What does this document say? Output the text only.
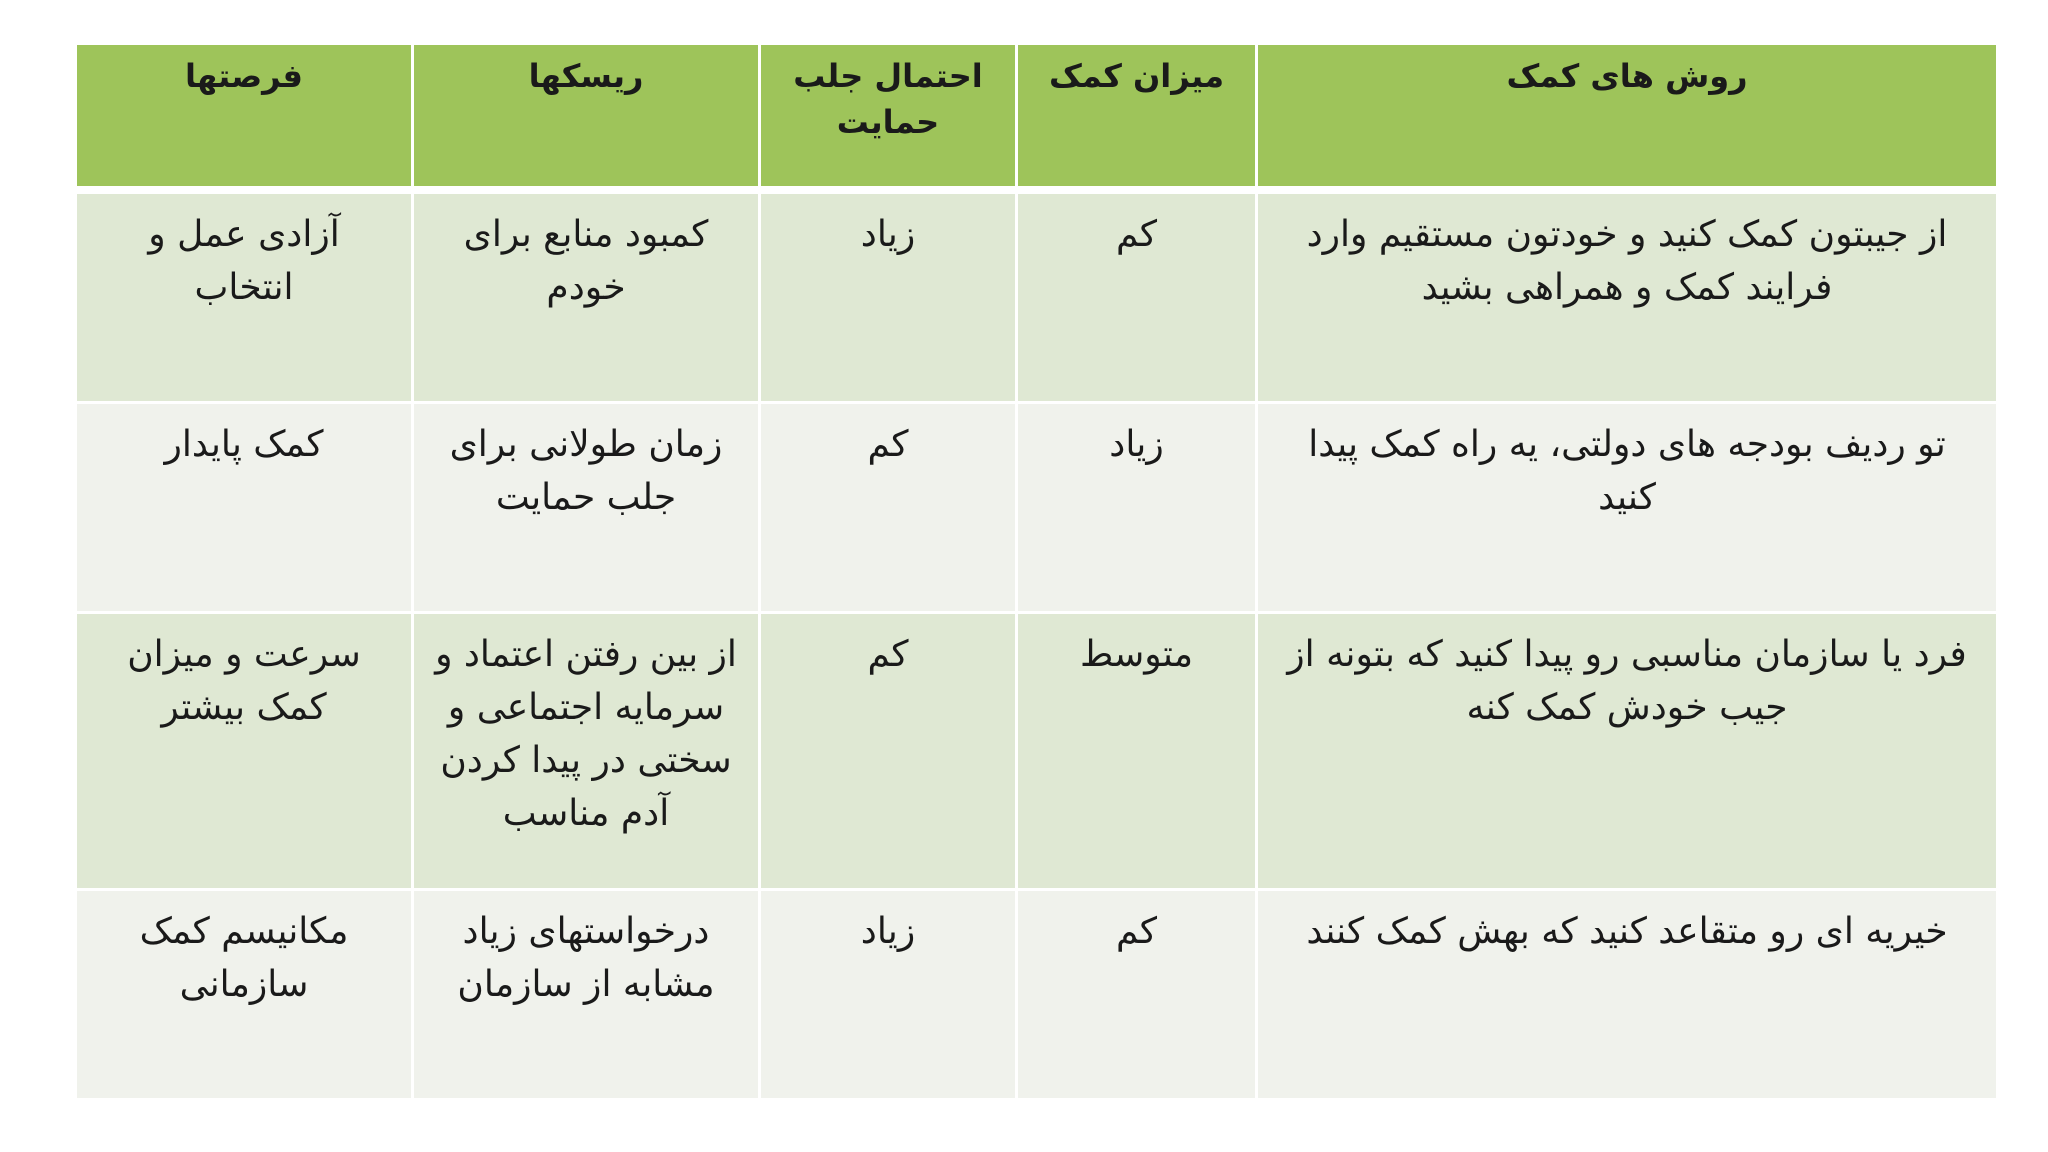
روش های کمک	میزان کمک	احتمال جلب حمایت	ریسکها	فرصتها
از جیبتون کمک کنید و خودتون مستقیم وارد فرایند کمک و همراهی بشید	کم	زیاد	کمبود منابع برای خودم	آزادی عمل و انتخاب
تو ردیف بودجه های دولتی، یه راه کمک پیدا کنید	زیاد	کم	زمان طولانی برای جلب حمایت	کمک پایدار
فرد یا سازمان مناسبی رو پیدا کنید که بتونه از جیب خودش کمک کنه	متوسط	کم	از بین رفتن اعتماد و سرمایه اجتماعی و سختی در پیدا کردن آدم مناسب	سرعت و میزان کمک بیشتر
خیریه ای رو متقاعد کنید که بهش کمک کنند	کم	زیاد	درخواستهای زیاد مشابه از سازمان	مکانیسم کمک سازمانی
